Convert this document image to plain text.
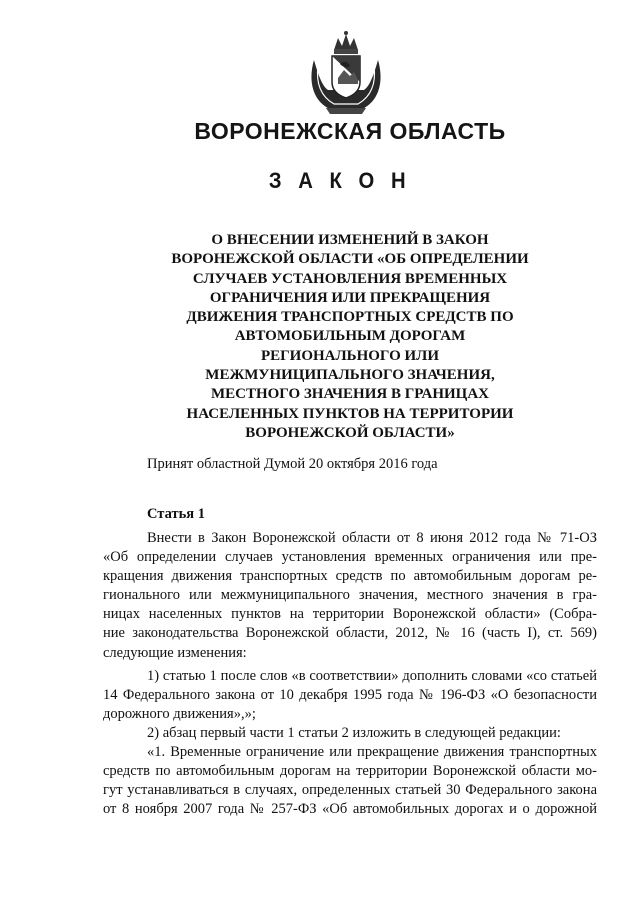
ВОРОНЕЖСКАЯ ОБЛАСТЬ
З А К О Н
О ВНЕСЕНИИ ИЗМЕНЕНИЙ В ЗАКОН
ВОРОНЕЖСКОЙ ОБЛАСТИ «ОБ ОПРЕДЕЛЕНИИ
СЛУЧАЕВ УСТАНОВЛЕНИЯ ВРЕМЕННЫХ
ОГРАНИЧЕНИЯ ИЛИ ПРЕКРАЩЕНИЯ
ДВИЖЕНИЯ ТРАНСПОРТНЫХ СРЕДСТВ ПО
АВТОМОБИЛЬНЫМ ДОРОГАМ
РЕГИОНАЛЬНОГО ИЛИ
МЕЖМУНИЦИПАЛЬНОГО ЗНАЧЕНИЯ,
МЕСТНОГО ЗНАЧЕНИЯ В ГРАНИЦАХ
НАСЕЛЕННЫХ ПУНКТОВ НА ТЕРРИТОРИИ
ВОРОНЕЖСКОЙ ОБЛАСТИ»
Принят областной Думой 20 октября 2016 года
Статья 1
Внести в Закон Воронежской области от 8 июня 2012 года № 71-ОЗ
«Об определении случаев установления временных ограничения или пре-
кращения движения транспортных средств по автомобильным дорогам ре-
гионального или межмуниципального значения, местного значения в гра-
ницах населенных пунктов на территории Воронежской области» (Собра-
ние законодательства Воронежской области, 2012, № 16 (часть I), ст. 569)
следующие изменения:
1) статью 1 после слов «в соответствии» дополнить словами «со статьей
14 Федерального закона от 10 декабря 1995 года № 196-ФЗ «О безопасности
дорожного движения»,»;
2) абзац первый части 1 статьи 2 изложить в следующей редакции:
«1. Временные ограничение или прекращение движения транспортных
средств по автомобильным дорогам на территории Воронежской области мо-
гут устанавливаться в случаях, определенных статьей 30 Федерального закона
от 8 ноября 2007 года № 257-ФЗ «Об автомобильных дорогах и о дорожной
